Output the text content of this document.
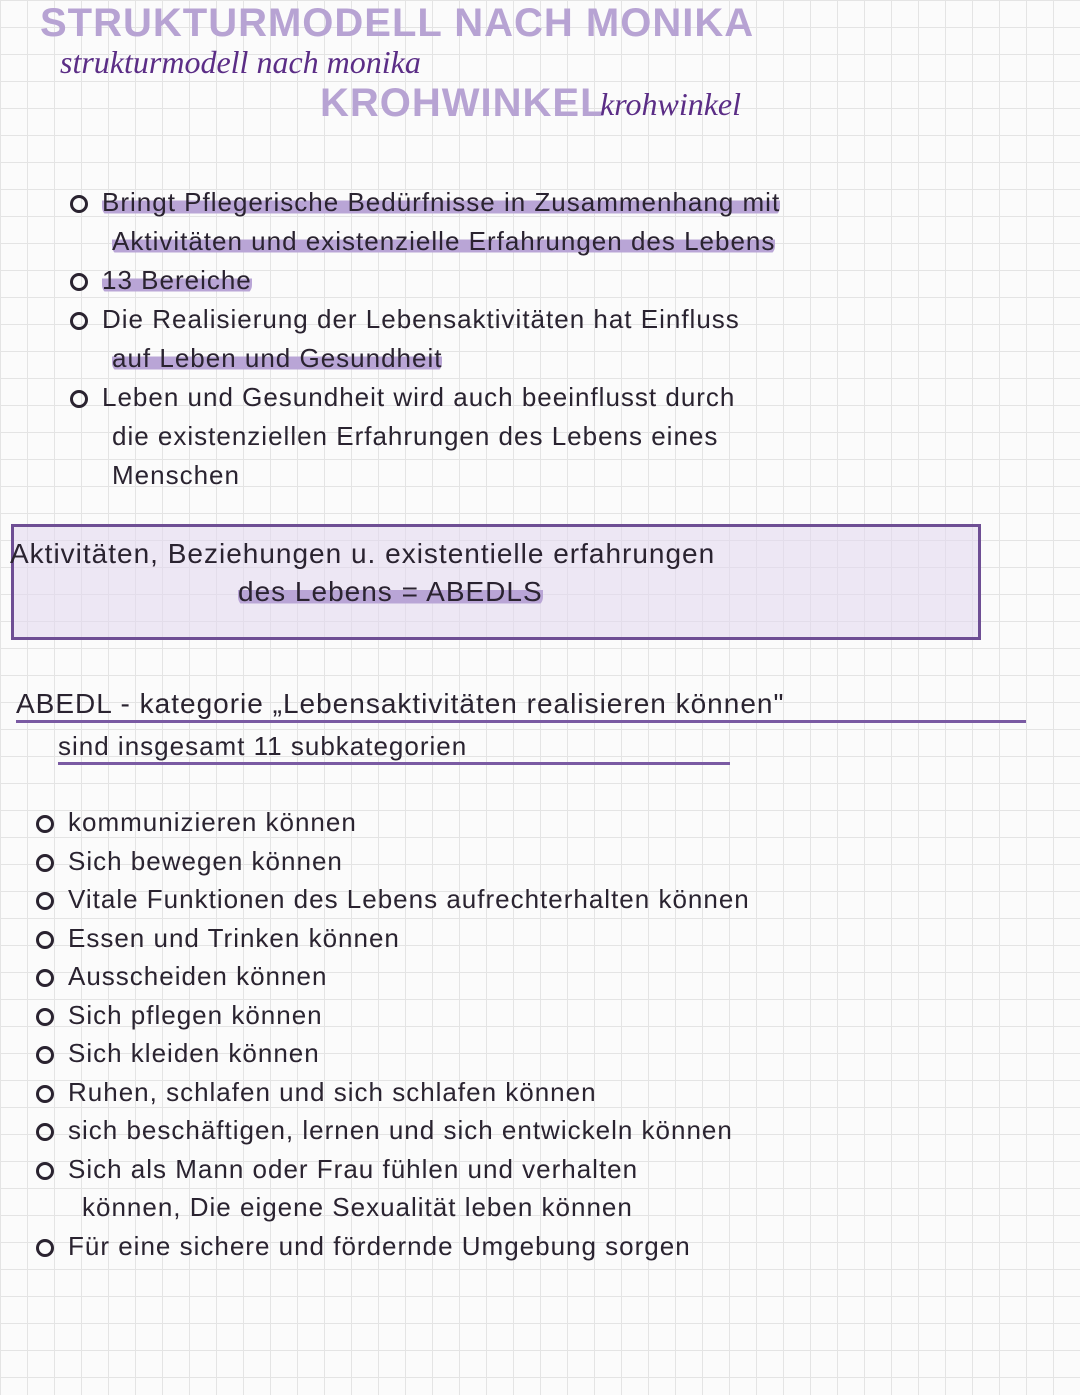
STRUKTURMODELL NACH MONIKA
strukturmodell nach monika
KROHWINKEL
krohwinkel
Bringt Pflegerische Bedürfnisse in Zusammenhang mit
Aktivitäten und existenzielle Erfahrungen des Lebens
13 Bereiche
Die Realisierung der Lebensaktivitäten hat Einfluss
auf Leben und Gesundheit
Leben und Gesundheit wird auch beeinflusst durch
die existenziellen Erfahrungen des Lebens eines
Menschen
Aktivitäten, Beziehungen u. existentielle erfahrungen
des Lebens = ABEDLS
ABEDL - kategorie „Lebensaktivitäten realisieren können"
sind insgesamt 11 subkategorien
kommunizieren können
Sich bewegen können
Vitale Funktionen des Lebens aufrechterhalten können
Essen und Trinken können
Ausscheiden können
Sich pflegen können
Sich kleiden können
Ruhen, schlafen und sich schlafen können
sich beschäftigen, lernen und sich entwickeln können
Sich als Mann oder Frau fühlen und verhalten
können, Die eigene Sexualität leben können
Für eine sichere und fördernde Umgebung sorgen
